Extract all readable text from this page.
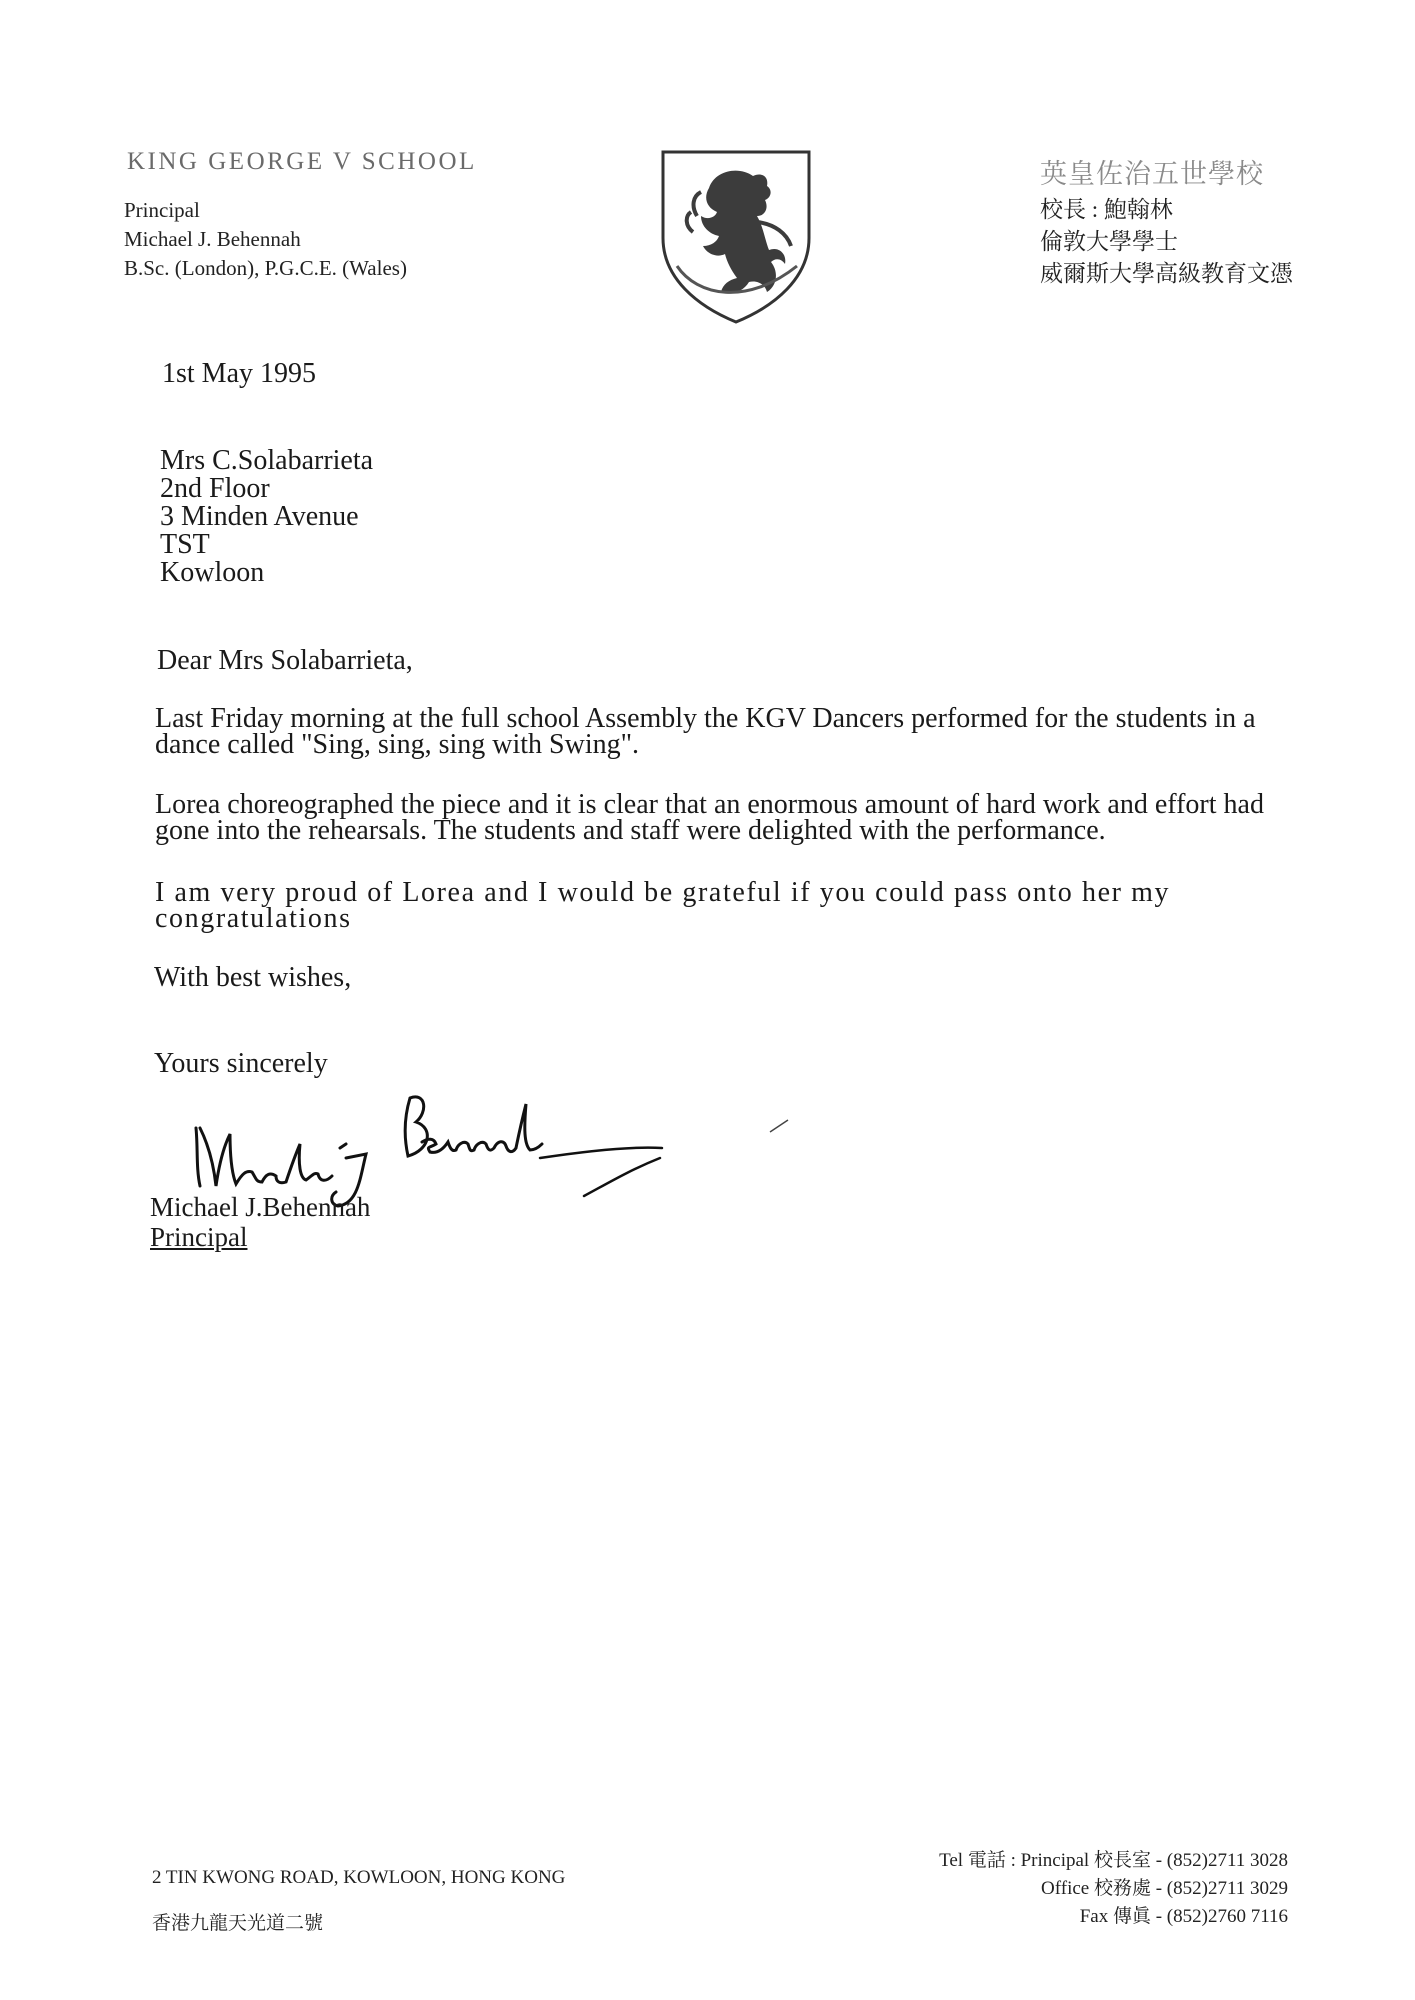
KING GEORGE V SCHOOL
Principal
Michael J. Behennah
B.Sc. (London), P.G.C.E. (Wales)
英皇佐治五世學校
校長 : 鮑翰林
倫敦大學學士
威爾斯大學高級教育文憑
1st May 1995
Mrs C.Solabarrieta
2nd Floor
3 Minden Avenue
TST
Kowloon
Dear Mrs Solabarrieta,
Last Friday morning at the full school Assembly the KGV Dancers performed for the students in a dance called "Sing, sing, sing with Swing".
Lorea choreographed the piece and it is clear that an enormous amount of hard work and effort had gone into the rehearsals. The students and staff were delighted with the performance.
I am very proud of Lorea and I would be grateful if you could pass onto her my congratulations
With best wishes,
Yours sincerely
Michael J.Behennah
Principal
2 TIN KWONG ROAD, KOWLOON, HONG KONG
香港九龍天光道二號
Tel 電話 : Principal 校長室 - (852)2711 3028
Office 校務處 - (852)2711 3029
Fax 傳眞 - (852)2760 7116
